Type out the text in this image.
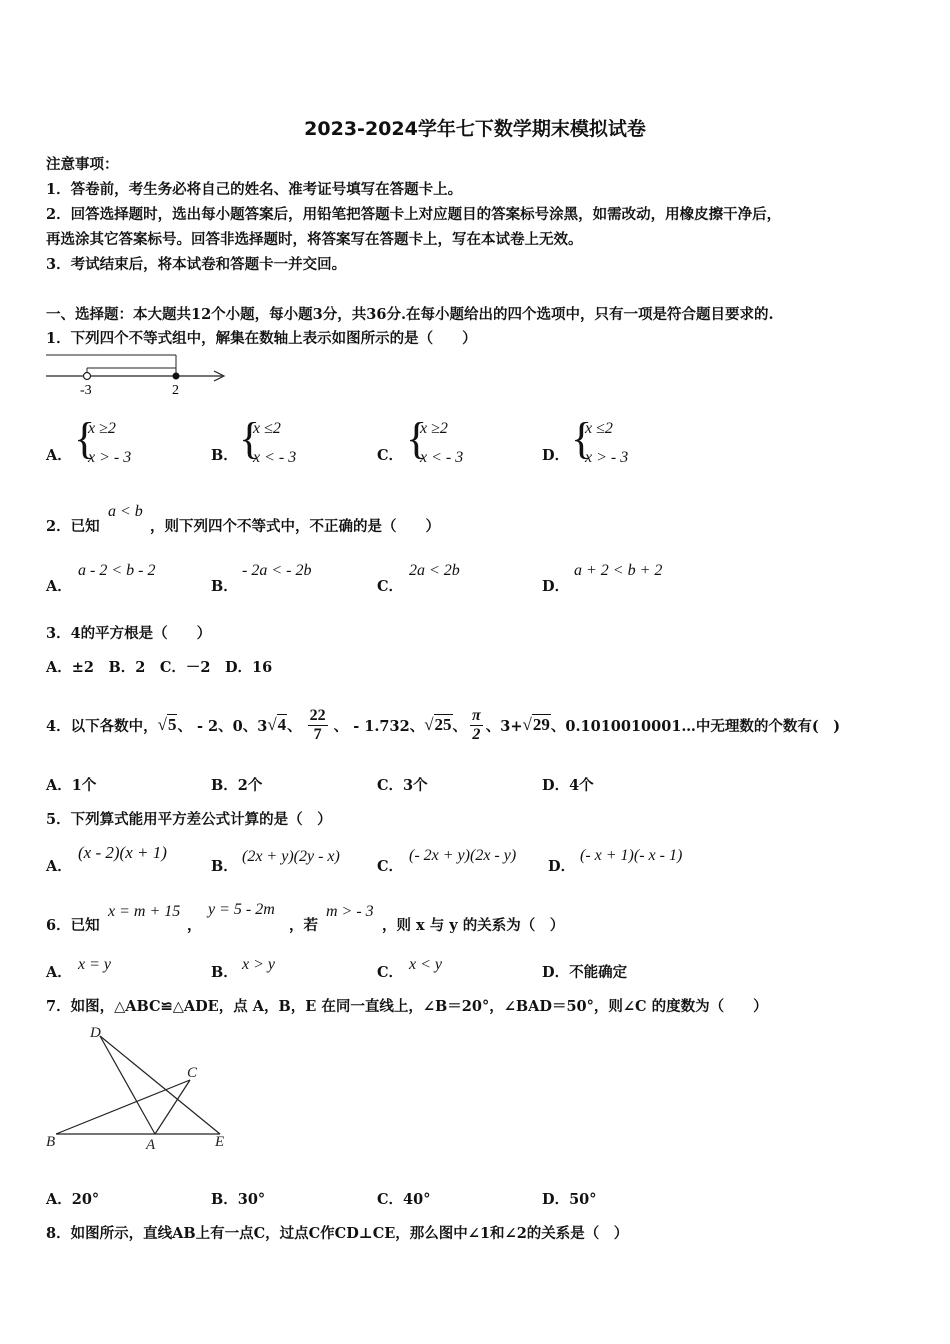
2023-2024学年七下数学期末模拟试卷
注意事项：
1．答卷前，考生务必将自己的姓名、准考证号填写在答题卡上。
2．回答选择题时，选出每小题答案后，用铅笔把答题卡上对应题目的答案标号涂黑，如需改动，用橡皮擦干净后，
再选涂其它答案标号。回答非选择题时，将答案写在答题卡上，写在本试卷上无效。
3．考试结束后，将本试卷和答题卡一并交回。
一、选择题：本大题共12个小题，每小题3分，共36分.在每小题给出的四个选项中，只有一项是符合题目要求的.
1．下列四个不等式组中，解集在数轴上表示如图所示的是（　　）
-3	2
A． {
x ≥2
x > - 3	B． {
x ≤2
x < - 3	C． {
x ≥2
x < - 3	D． {
x ≤2
x > - 3
2．已知
a < b
，则下列四个不等式中，不正确的是（　　）
A．
a - 2 < b - 2
B．
- 2a < - 2b
C．
2a < 2b
D．
a + 2 < b + 2
3．4的平方根是（　　）
A．±2　B．2　C．－2　D．16
4．以下各数中， √5 、 - 2、0、3 √4 、 $\frac{22}{7}$ 、 - 1.732、 √25 、 $\frac{\pi}{2}$ 、3+ √29 、0.1010010001…中无理数的个数有(　)
A．1个	B．2个	C．3个	D．4个
5．下列算式能用平方差公式计算的是（　）
A．
(x - 2)(x + 1)
B．
(2x + y)(2y - x)
C．
(- 2x + y)(2x - y)
D．
(- x + 1)(- x - 1)
6．已知
x = m + 15
，
y = 5 - 2m
，若
m > - 3
，则 x 与 y 的关系为（　）
A． x = y	B． x > y	C． x < y	D．不能确定
7．如图，△ABC≌△ADE，点 A，B，E 在同一直线上，∠B＝20°，∠BAD＝50°，则∠C 的度数为（　　）
D
C
B	A	E
A．20°	B．30°	C．40°	D．50°
8．如图所示，直线AB上有一点C，过点C作CD⊥CE，那么图中∠1和∠2的关系是（　）
